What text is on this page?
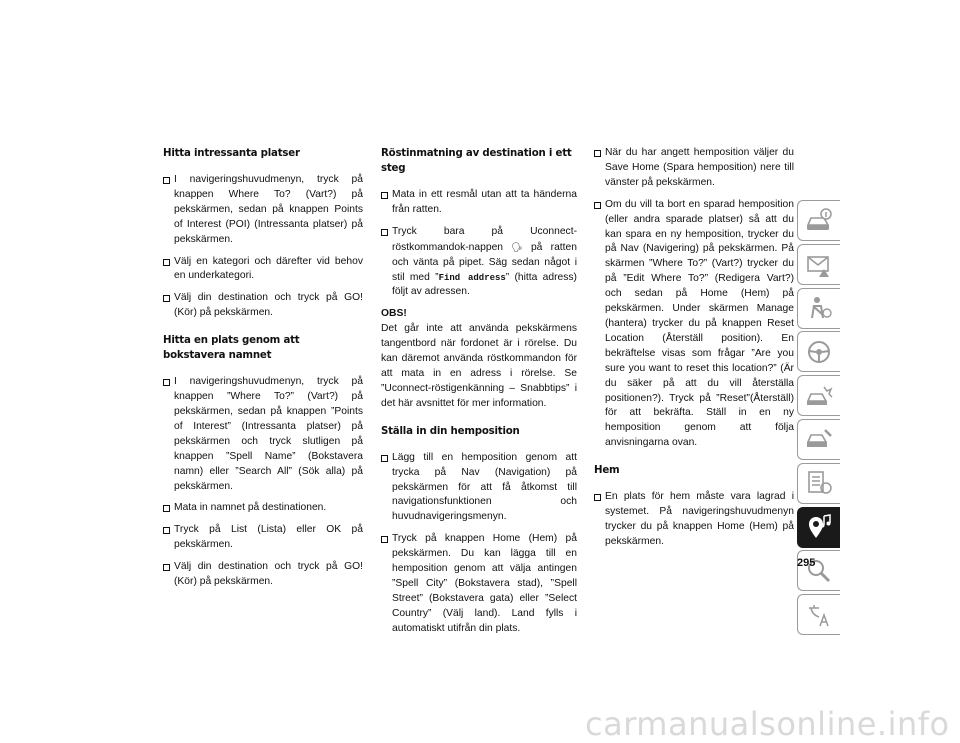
Hitta intressanta platser
I navigeringshuvudmenyn, tryck på knappen Where To? (Vart?) på pekskärmen, sedan på knappen Points of Interest (POI) (Intressanta platser) på pekskärmen.
Välj en kategori och därefter vid behov en underkategori.
Välj din destination och tryck på GO! (Kör) på pekskärmen.
Hitta en plats genom att bokstavera namnet
I navigeringshuvudmenyn, tryck på knappen ”Where To?” (Vart?) på pekskärmen, sedan på knappen ”Points of Interest” (Intressanta platser) på pekskärmen och tryck slutligen på knappen ”Spell Name” (Bokstavera namn) eller ”Search All” (Sök alla) på pekskärmen.
Mata in namnet på destinationen.
Tryck på List (Lista) eller OK på pekskärmen.
Välj din destination och tryck på GO! (Kör) på pekskärmen.
Röstinmatning av destination i ett steg
Mata in ett resmål utan att ta händerna från ratten.
Tryck bara på Uconnect-röstkommandok-nappen 🗣 på ratten och vänta på pipet. Säg sedan något i stil med ”Find address” (hitta adress) följt av adressen.
OBS!
Det går inte att använda pekskärmens tangentbord när fordonet är i rörelse. Du kan däremot använda röstkommandon för att mata in en adress i rörelse. Se ”Uconnect-röstigenkänning – Snabbtips” i det här avsnittet för mer information.
Ställa in din hemposition
Lägg till en hemposition genom att trycka på Nav (Navigation) på pekskärmen för att få åtkomst till navigationsfunktionen och huvudnavigeringsmenyn.
Tryck på knappen Home (Hem) på pekskärmen. Du kan lägga till en hemposition genom att välja antingen ”Spell City” (Bokstavera stad), ”Spell Street” (Bokstavera gata) eller ”Select Country” (Välj land). Land fylls i automatiskt utifrån din plats.
När du har angett hemposition väljer du Save Home (Spara hemposition) nere till vänster på pekskärmen.
Om du vill ta bort en sparad hemposition (eller andra sparade platser) så att du kan spara en ny hemposition, trycker du på Nav (Navigering) på pekskärmen. På skärmen ”Where To?” (Vart?) trycker du på ”Edit Where To?” (Redigera Vart?) och sedan på Home (Hem) på pekskärmen. Under skärmen Manage (hantera) trycker du på knappen Reset Location (Återställ position). En bekräftelse visas som frågar ”Are you sure you want to reset this location?” (Är du säker på att du vill återställa positionen?). Tryck på ”Reset”(Återställ) för att bekräfta. Ställ in en ny hemposition genom att följa anvisningarna ovan.
Hem
En plats för hem måste vara lagrad i systemet. På navigeringshuvudmenyn trycker du på knappen Home (Hem) på pekskärmen.
295
carmanualsonline.info
